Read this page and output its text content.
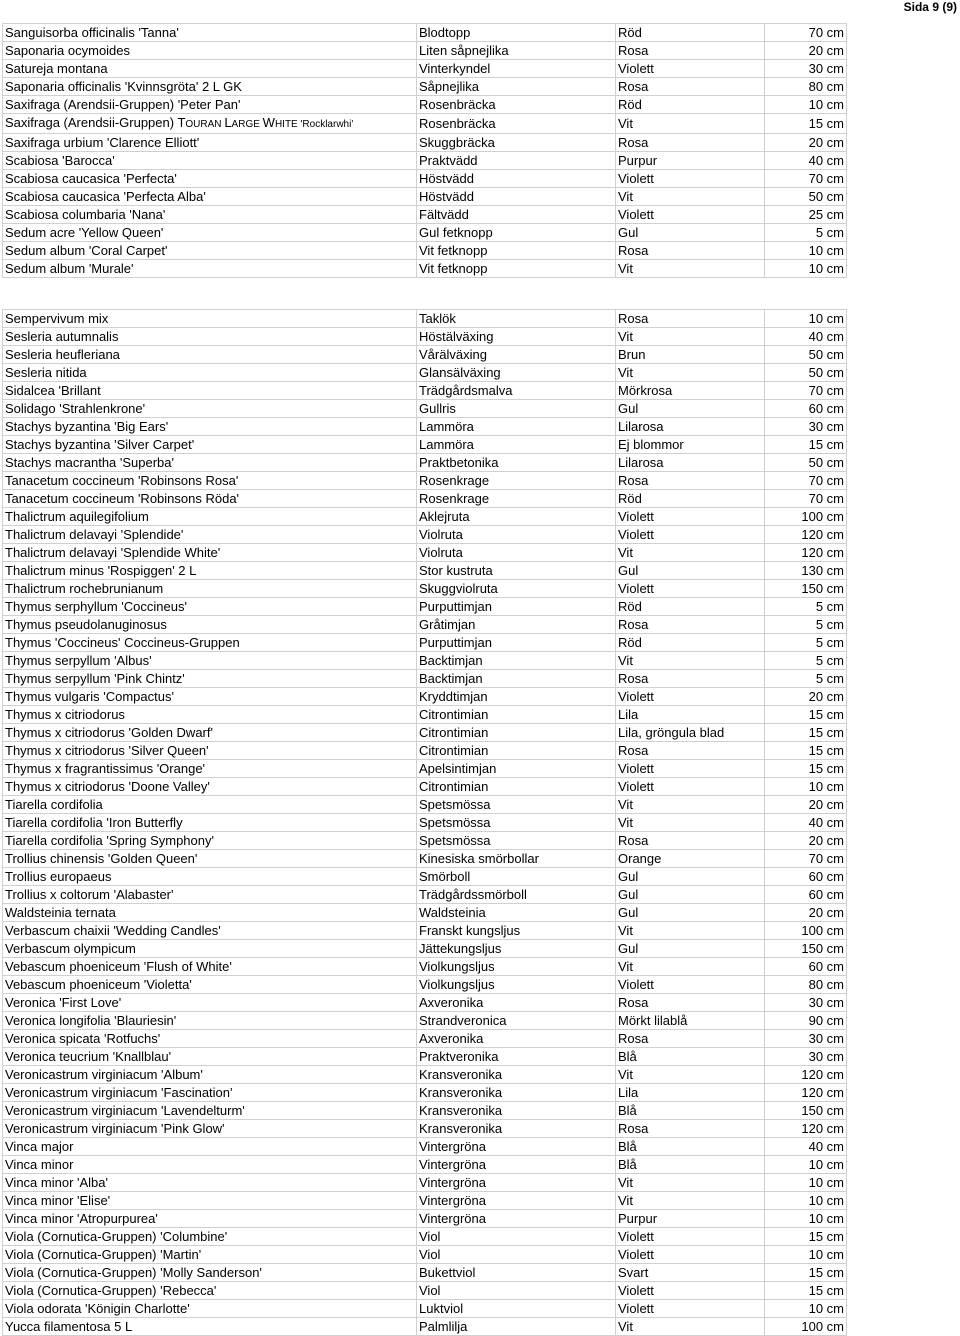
Sida 9 (9)
Sanguisorba officinalis 'Tanna'	Blodtopp	Röd	70 cm
Saponaria ocymoides	Liten såpnejlika	Rosa	20 cm
Satureja montana	Vinterkyndel	Violett	30 cm
Saponaria officinalis 'Kvinnsgröta' 2 L GK	Såpnejlika	Rosa	80 cm
Saxifraga (Arendsii-Gruppen) 'Peter Pan'	Rosenbräcka	Röd	10 cm
Saxifraga (Arendsii-Gruppen) TOURAN LARGE WHITE 'Rocklarwhi'	Rosenbräcka	Vit	15 cm
Saxifraga urbium 'Clarence Elliott'	Skuggbräcka	Rosa	20 cm
Scabiosa 'Barocca'	Praktvädd	Purpur	40 cm
Scabiosa caucasica 'Perfecta'	Höstvädd	Violett	70 cm
Scabiosa caucasica 'Perfecta Alba'	Höstvädd	Vit	50 cm
Scabiosa columbaria 'Nana'	Fältvädd	Violett	25 cm
Sedum acre 'Yellow Queen'	Gul fetknopp	Gul	5 cm
Sedum album 'Coral Carpet'	Vit fetknopp	Rosa	10 cm
Sedum album 'Murale'	Vit fetknopp	Vit	10 cm
Sempervivum mix	Taklök	Rosa	10 cm
Sesleria autumnalis	Höstälväxing	Vit	40 cm
Sesleria heufleriana	Vårälväxing	Brun	50 cm
Sesleria nitida	Glansälväxing	Vit	50 cm
Sidalcea 'Brillant	Trädgårdsmalva	Mörkrosa	70 cm
Solidago 'Strahlenkrone'	Gullris	Gul	60 cm
Stachys byzantina 'Big Ears'	Lammöra	Lilarosa	30 cm
Stachys byzantina 'Silver Carpet'	Lammöra	Ej blommor	15 cm
Stachys macrantha 'Superba'	Praktbetonika	Lilarosa	50 cm
Tanacetum coccineum 'Robinsons Rosa'	Rosenkrage	Rosa	70 cm
Tanacetum coccineum 'Robinsons Röda'	Rosenkrage	Röd	70 cm
Thalictrum aquilegifolium	Aklejruta	Violett	100 cm
Thalictrum delavayi 'Splendide'	Violruta	Violett	120 cm
Thalictrum delavayi 'Splendide White'	Violruta	Vit	120 cm
Thalictrum minus 'Rospiggen' 2 L	Stor kustruta	Gul	130 cm
Thalictrum rochebrunianum	Skuggviolruta	Violett	150 cm
Thymus serphyllum 'Coccineus'	Purputtimjan	Röd	5 cm
Thymus pseudolanuginosus	Gråtimjan	Rosa	5 cm
Thymus 'Coccineus' Coccineus-Gruppen	Purputtimjan	Röd	5 cm
Thymus serpyllum 'Albus'	Backtimjan	Vit	5 cm
Thymus serpyllum 'Pink Chintz'	Backtimjan	Rosa	5 cm
Thymus vulgaris 'Compactus'	Kryddtimjan	Violett	20 cm
Thymus x citriodorus	Citrontimian	Lila	15 cm
Thymus x citriodorus 'Golden Dwarf'	Citrontimian	Lila, gröngula blad	15 cm
Thymus x citriodorus 'Silver Queen'	Citrontimian	Rosa	15 cm
Thymus x fragrantissimus 'Orange'	Apelsintimjan	Violett	15 cm
Thymus x citriodorus 'Doone Valley'	Citrontimian	Violett	10 cm
Tiarella cordifolia	Spetsmössa	Vit	20 cm
Tiarella cordifolia 'Iron Butterfly	Spetsmössa	Vit	40 cm
Tiarella cordifolia 'Spring Symphony'	Spetsmössa	Rosa	20 cm
Trollius chinensis 'Golden Queen'	Kinesiska smörbollar	Orange	70 cm
Trollius europaeus	Smörboll	Gul	60 cm
Trollius x coltorum 'Alabaster'	Trädgårdssmörboll	Gul	60 cm
Waldsteinia ternata	Waldsteinia	Gul	20 cm
Verbascum chaixii 'Wedding Candles'	Franskt kungsljus	Vit	100 cm
Verbascum olympicum	Jättekungsljus	Gul	150 cm
Vebascum phoeniceum 'Flush of White'	Violkungsljus	Vit	60 cm
Vebascum phoeniceum 'Violetta'	Violkungsljus	Violett	80 cm
Veronica 'First Love'	Axveronika	Rosa	30 cm
Veronica longifolia 'Blauriesin'	Strandveronica	Mörkt lilablå	90 cm
Veronica spicata 'Rotfuchs'	Axveronika	Rosa	30 cm
Veronica teucrium 'Knallblau'	Praktveronika	Blå	30 cm
Veronicastrum virginiacum 'Album'	Kransveronika	Vit	120 cm
Veronicastrum virginiacum 'Fascination'	Kransveronika	Lila	120 cm
Veronicastrum virginiacum 'Lavendelturm'	Kransveronika	Blå	150 cm
Veronicastrum virginiacum 'Pink Glow'	Kransveronika	Rosa	120 cm
Vinca major	Vintergröna	Blå	40 cm
Vinca minor	Vintergröna	Blå	10 cm
Vinca minor 'Alba'	Vintergröna	Vit	10 cm
Vinca minor 'Elise'	Vintergröna	Vit	10 cm
Vinca minor 'Atropurpurea'	Vintergröna	Purpur	10 cm
Viola (Cornutica-Gruppen) 'Columbine'	Viol	Violett	15 cm
Viola (Cornutica-Gruppen) 'Martin'	Viol	Violett	10 cm
Viola (Cornutica-Gruppen) 'Molly Sanderson'	Bukettviol	Svart	15 cm
Viola (Cornutica-Gruppen) 'Rebecca'	Viol	Violett	15 cm
Viola odorata 'Königin Charlotte'	Luktviol	Violett	10 cm
Yucca filamentosa 5 L	Palmlilja	Vit	100 cm
